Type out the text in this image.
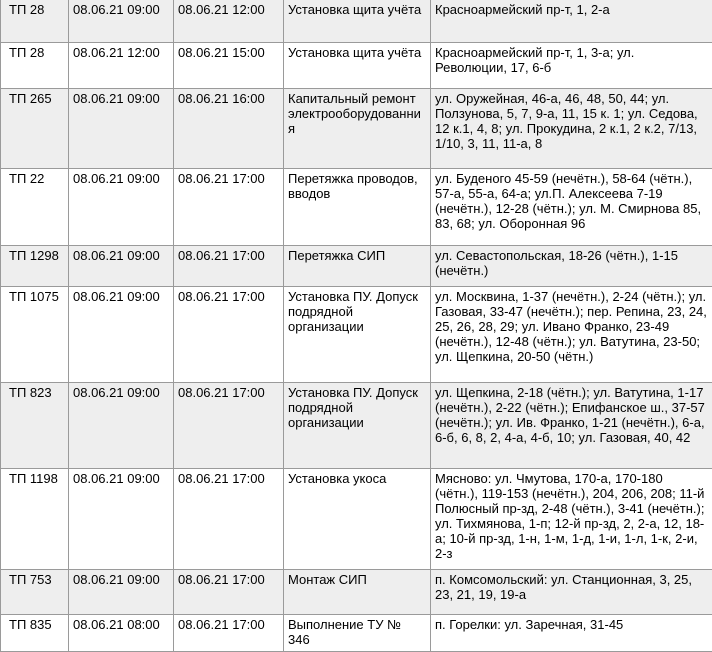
ТП 28	08.06.21 09:00	08.06.21 12:00	Установка щита учёта	Красноармейский пр-т, 1, 2-а
ТП 28	08.06.21 12:00	08.06.21 15:00	Установка щита учёта	Красноармейский пр-т, 1, 3-а; ул. Революции, 17, 6-б
ТП 265	08.06.21 09:00	08.06.21 16:00	Капитальный ремонт электрооборудованния	ул. Оружейная, 46-а, 46, 48, 50, 44; ул. Ползунова, 5, 7, 9-а, 11, 15 к. 1; ул. Седова, 12 к.1, 4, 8; ул. Прокудина, 2 к.1, 2 к.2, 7/13, 1/10, 3, 11, 11-а, 8
ТП 22	08.06.21 09:00	08.06.21 17:00	Перетяжка проводов, вводов	ул. Буденого 45-59 (нечётн.), 58-64 (чётн.), 57-а, 55-а, 64-а; ул.П. Алексеева 7-19 (нечётн.), 12-28 (чётн.); ул. М. Смирнова 85, 83, 68; ул. Оборонная 96
ТП 1298	08.06.21 09:00	08.06.21 17:00	Перетяжка СИП	ул. Севастопольская, 18-26 (чётн.), 1-15 (нечётн.)
ТП 1075	08.06.21 09:00	08.06.21 17:00	Установка ПУ. Допуск подрядной организации	ул. Москвина, 1-37 (нечётн.), 2-24 (чётн.); ул. Газовая, 33-47 (нечётн.); пер. Репина, 23, 24, 25, 26, 28, 29; ул. Ивано Франко, 23-49 (нечётн.), 12-48 (чётн.); ул. Ватутина, 23-50; ул. Щепкина, 20-50 (чётн.)
ТП 823	08.06.21 09:00	08.06.21 17:00	Установка ПУ. Допуск подрядной организации	ул. Щепкина, 2-18 (чётн.); ул. Ватутина, 1-17 (нечётн.), 2-22 (чётн.); Епифанское ш., 37-57 (нечётн.); ул. Ив. Франко, 1-21 (нечётн.), 6-а, 6-б, 6, 8, 2, 4-а, 4-б, 10; ул. Газовая, 40, 42
ТП 1198	08.06.21 09:00	08.06.21 17:00	Установка укоса	Мясново: ул. Чмутова, 170-а, 170-180 (чётн.), 119-153 (нечётн.), 204, 206, 208; 11-й Полюсный пр-зд, 2-48 (чётн.), 3-41 (нечётн.); ул. Тихмянова, 1-п; 12-й пр-зд, 2, 2-а, 12, 18-а; 10-й пр-зд, 1-н, 1-м, 1-д, 1-и, 1-л, 1-к, 2-и, 2-з
ТП 753	08.06.21 09:00	08.06.21 17:00	Монтаж СИП	п. Комсомольский: ул. Станционная, 3, 25, 23, 21, 19, 19-а
ТП 835	08.06.21 08:00	08.06.21 17:00	Выполнение ТУ № 346	п. Горелки: ул. Заречная, 31-45
